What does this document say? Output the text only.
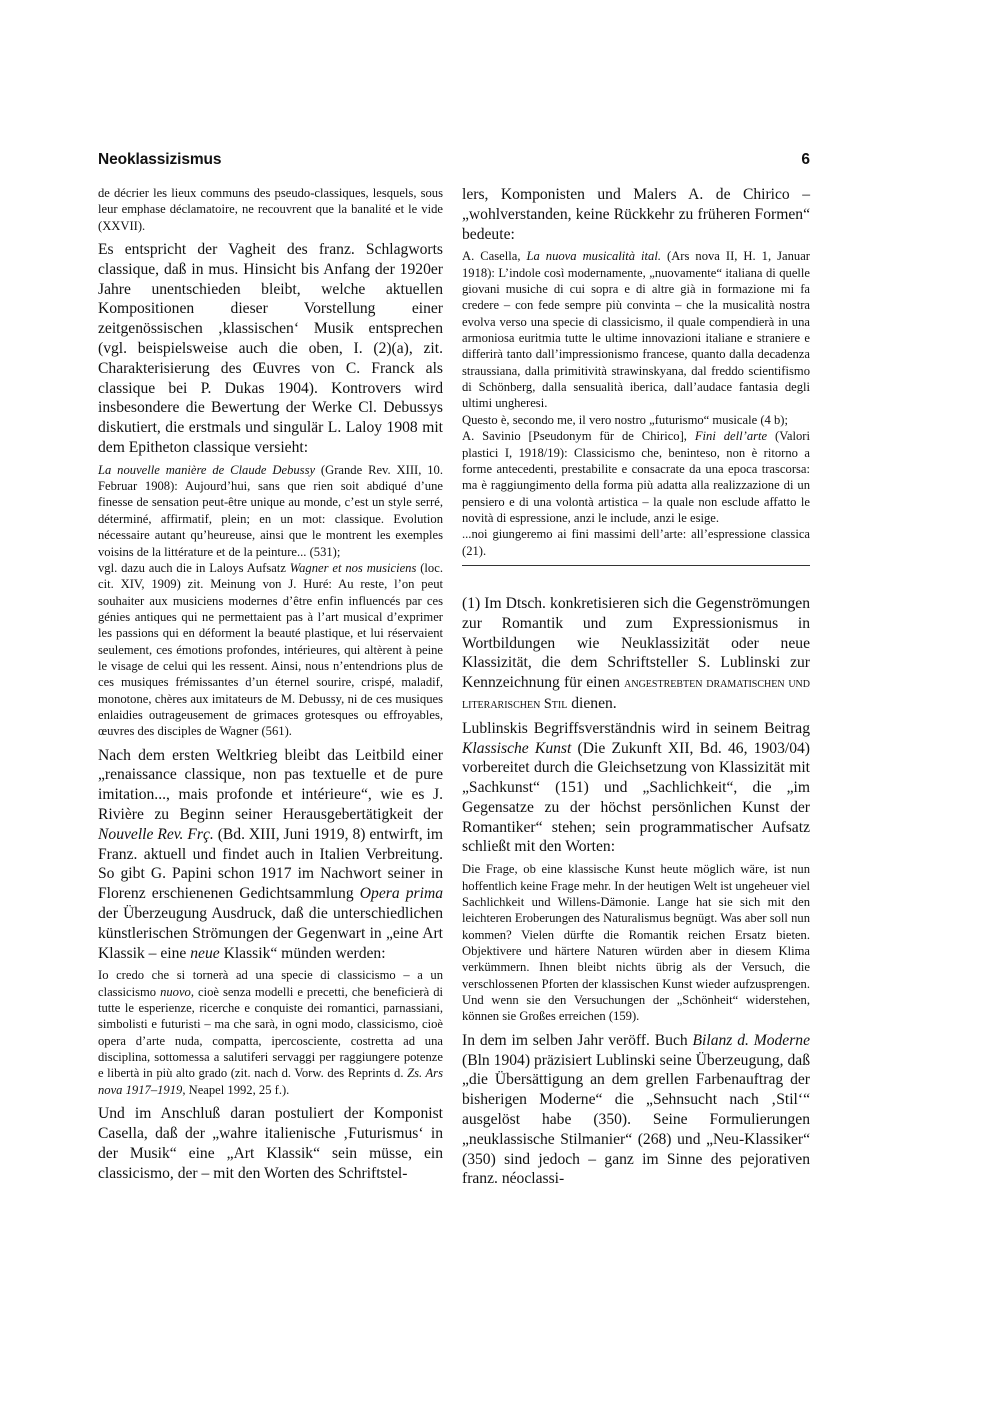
Neoklassizismus	6

de décrier les lieux communs des pseudo-classiques, lesquels, sous leur emphase déclamatoire, ne recouvrent que la banalité et le vide (XXVII).

Es entspricht der Vagheit des franz. Schlagworts classique, daß in mus. Hinsicht bis Anfang der 1920er Jahre unentschieden bleibt, welche aktuellen Kompositionen dieser Vorstellung einer zeitgenössischen ‚klassischen‘ Musik entsprechen (vgl. beispielsweise auch die oben, I. (2)(a), zit. Charakterisierung des Œuvres von C. Franck als classique bei P. Dukas 1904). Kontrovers wird insbesondere die Bewertung der Werke Cl. Debussys diskutiert, die erstmals und singulär L. Laloy 1908 mit dem Epitheton classique versieht:

La nouvelle manière de Claude Debussy (Grande Rev. XIII, 10. Februar 1908): Aujourd’hui, sans que rien soit abdiqué d’une finesse de sensation peut-être unique au monde, c’est un style serré, déterminé, affirmatif, plein; en un mot: classique. Evolution nécessaire autant qu’heureuse, ainsi que le montrent les exemples voisins de la littérature et de la peinture... (531);
vgl. dazu auch die in Laloys Aufsatz Wagner et nos musiciens (loc. cit. XIV, 1909) zit. Meinung von J. Huré: Au reste, l’on peut souhaiter aux musiciens modernes d’être enfin influencés par ces génies antiques qui ne permettaient pas à l’art musical d’exprimer les passions qui en déforment la beauté plastique, et lui réservaient seulement, ces émotions profondes, intérieures, qui altèrent à peine le visage de celui qui les ressent. Ainsi, nous n’entendrions plus de ces musiques frémissantes d’un éternel sourire, crispé, maladif, monotone, chères aux imitateurs de M. Debussy, ni de ces musiques enlaidies outrageusement de grimaces grotesques ou effroyables, œuvres des disciples de Wagner (561).

Nach dem ersten Weltkrieg bleibt das Leitbild einer „renaissance classique, non pas textuelle et de pure imitation..., mais profonde et intérieure“, wie es J. Rivière zu Beginn seiner Herausgebertätigkeit der Nouvelle Rev. Frç. (Bd. XIII, Juni 1919, 8) entwirft, im Franz. aktuell und findet auch in Italien Verbreitung. So gibt G. Papini schon 1917 im Nachwort seiner in Florenz erschienenen Gedichtsammlung Opera prima der Überzeugung Ausdruck, daß die unterschiedlichen künstlerischen Strömungen der Gegenwart in „eine Art Klassik – eine neue Klassik“ münden werden:

Io credo che si tornerà ad una specie di classicismo – a un classicismo nuovo, cioè senza modelli e precetti, che beneficierà di tutte le esperienze, ricerche e conquiste dei romantici, parnassiani, simbolisti e futuristi – ma che sarà, in ogni modo, classicismo, cioè opera d’arte nuda, compatta, ipercosciente, costretta ad una disciplina, sottomessa a salutiferi servaggi per raggiungere potenze e libertà in più alto grado (zit. nach d. Vorw. des Reprints d. Zs. Ars nova 1917–1919, Neapel 1992, 25 f.).

Und im Anschluß daran postuliert der Komponist Casella, daß der „wahre italienische ‚Futurismus‘ in der Musik“ eine „Art Klassik“ sein müsse, ein classicismo, der – mit den Worten des Schriftstel-

lers, Komponisten und Malers A. de Chirico – „wohlverstanden, keine Rückkehr zu früheren Formen“ bedeute:

A. Casella, La nuova musicalità ital. (Ars nova II, H. 1, Januar 1918): L’indole così modernamente, „nuovamente“ italiana di quelle giovani musiche di cui sopra e di altre già in formazione mi fa credere – con fede sempre più convinta – che la musicalità nostra evolva verso una specie di classicismo, il quale compendierà in una armoniosa euritmia tutte le ultime innovazioni italiane e straniere e differirà tanto dall’impressionismo francese, quanto dalla decadenza straussiana, dalla primitività strawinskyana, dal freddo scientifismo di Schönberg, dalla sensualità iberica, dall’audace fantasia degli ultimi ungheresi.
Questo è, secondo me, il vero nostro „futurismo“ musicale (4 b);
A. Savinio [Pseudonym für de Chirico], Fini dell’arte (Valori plastici I, 1918/19): Classicismo che, beninteso, non è ritorno a forme antecedenti, prestabilite e consacrate da una epoca trascorsa: ma è raggiungimento della forma più adatta alla realizzazione di un pensiero e di una volontà artistica – la quale non esclude affatto le novità di espressione, anzi le include, anzi le esige.
...noi giungeremo ai fini massimi dell’arte: all’espressione classica (21).

(1) Im Dtsch. konkretisieren sich die Gegenströmungen zur Romantik und zum Expressionismus in Wortbildungen wie Neuklassizität oder neue Klassizität, die dem Schriftsteller S. Lublinski zur Kennzeichnung für einen angestrebten dramatischen und literarischen Stil dienen.

Lublinskis Begriffsverständnis wird in seinem Beitrag Klassische Kunst (Die Zukunft XII, Bd. 46, 1903/04) vorbereitet durch die Gleichsetzung von Klassizität mit „Sachkunst“ (151) und „Sachlichkeit“, die „im Gegensatze zu der höchst persönlichen Kunst der Romantiker“ stehen; sein programmatischer Aufsatz schließt mit den Worten:

Die Frage, ob eine klassische Kunst heute möglich wäre, ist nun hoffentlich keine Frage mehr. In der heutigen Welt ist ungeheuer viel Sachlichkeit und Willens-Dämonie. Lange hat sie sich mit den leichteren Eroberungen des Naturalismus begnügt. Was aber soll nun kommen? Vielen dürfte die Romantik reichen Ersatz bieten. Objektivere und härtere Naturen würden aber in diesem Klima verkümmern. Ihnen bleibt nichts übrig als der Versuch, die verschlossenen Pforten der klassischen Kunst wieder aufzusprengen. Und wenn sie den Versuchungen der „Schönheit“ widerstehen, können sie Großes erreichen (159).

In dem im selben Jahr veröff. Buch Bilanz d. Moderne (Bln 1904) präzisiert Lublinski seine Überzeugung, daß „die Übersättigung an dem grellen Farbenauftrag der bisherigen Moderne“ die „Sehnsucht nach ‚Stil‘“ ausgelöst habe (350). Seine Formulierungen „neuklassische Stilmanier“ (268) und „Neu-Klassiker“ (350) sind jedoch – ganz im Sinne des pejorativen franz. néoclassi-
